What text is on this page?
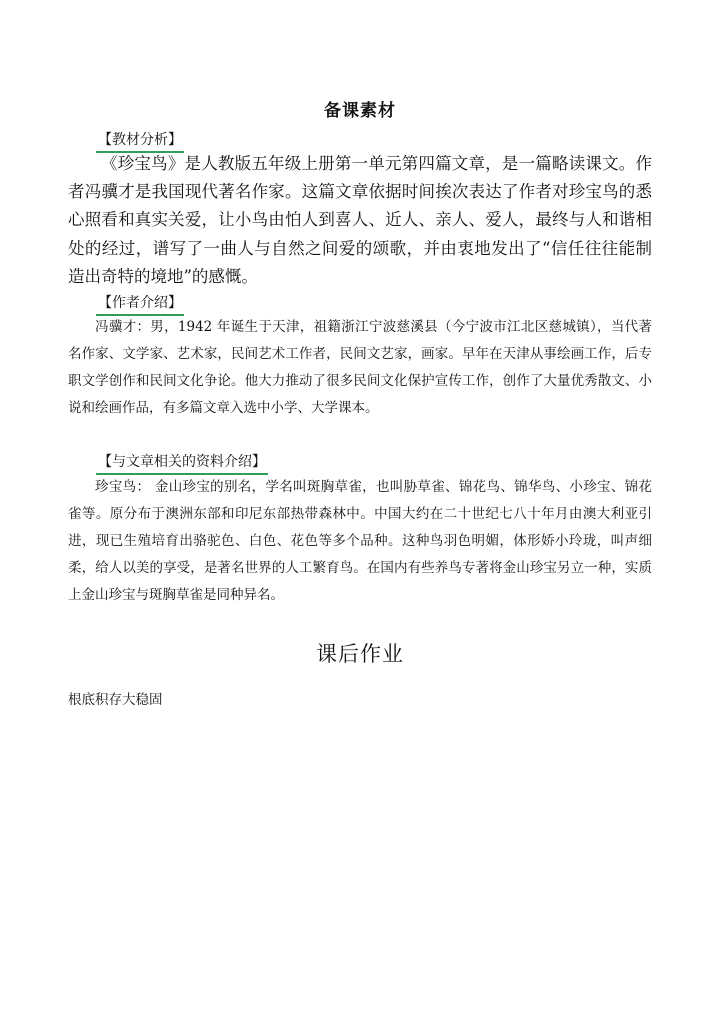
备课素材
【教材分析】
《珍宝鸟》是人教版五年级上册第一单元第四篇文章，是一篇略读课文。作者冯骥才是我国现代著名作家。这篇文章依据时间挨次表达了作者对珍宝鸟的悉心照看和真实关爱，让小鸟由怕人到喜人、近人、亲人、爱人，最终与人和谐相处的经过，谱写了一曲人与自然之间爱的颂歌，并由衷地发出了“信任往往能制造出奇特的境地”的感慨。
【作者介绍】
冯骥才：男，1942 年诞生于天津，祖籍浙江宁波慈溪县（今宁波市江北区慈城镇），当代著名作家、文学家、艺术家，民间艺术工作者，民间文艺家，画家。早年在天津从事绘画工作，后专职文学创作和民间文化争论。他大力推动了很多民间文化保护宣传工作，创作了大量优秀散文、小说和绘画作品，有多篇文章入选中小学、大学课本。
【与文章相关的资料介绍】
珍宝鸟： 金山珍宝的别名，学名叫斑胸草雀，也叫胁草雀、锦花鸟、锦华鸟、小珍宝、锦花雀等。原分布于澳洲东部和印尼东部热带森林中。中国大约在二十世纪七八十年月由澳大利亚引进，现已生殖培育出骆驼色、白色、花色等多个品种。这种鸟羽色明媚，体形娇小玲珑，叫声细柔，给人以美的享受，是著名世界的人工繁育鸟。在国内有些养鸟专著将金山珍宝另立一种，实质上金山珍宝与斑胸草雀是同种异名。
课后作业
根底积存大稳固
